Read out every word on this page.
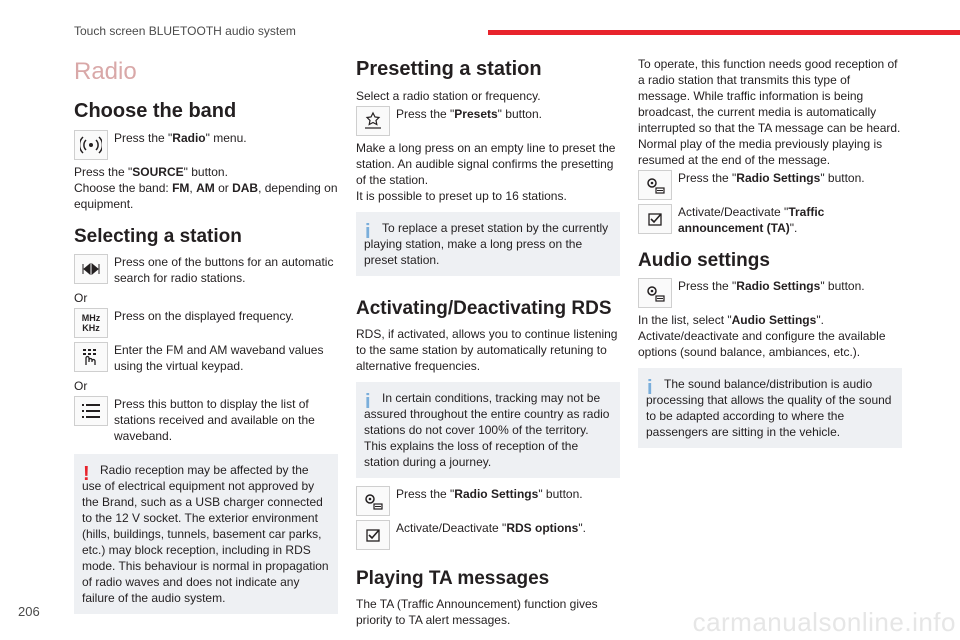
Touch screen BLUETOOTH audio system
Radio
Choose the band

Press the "Radio" menu.

Press the "SOURCE" button.

Choose the band: FM, AM or DAB, depending on equipment.

Selecting a station

Press one of the buttons for an automatic search for radio stations.

Or

MHz
KHz

Press on the displayed frequency.

Enter the FM and AM waveband values using the virtual keypad.

Or

Press this button to display the list of stations received and available on the waveband.

! Radio reception may be affected by the use of electrical equipment not approved by the Brand, such as a USB charger connected to the 12 V socket. The exterior environment (hills, buildings, tunnels, basement car parks, etc.) may block reception, including in RDS mode. This behaviour is normal in propagation of radio waves and does not indicate any failure of the audio system.

Presetting a station

Select a radio station or frequency.

Press the "Presets" button.

Make a long press on an empty line to preset the station. An audible signal confirms the presetting of the station.

It is possible to preset up to 16 stations.

i To replace a preset station by the currently playing station, make a long press on the preset station.

Activating/Deactivating RDS

RDS, if activated, allows you to continue listening to the same station by automatically retuning to alternative frequencies.

i In certain conditions, tracking may not be assured throughout the entire country as radio stations do not cover 100% of the territory. This explains the loss of reception of the station during a journey.

Press the "Radio Settings" button.

Activate/Deactivate "RDS options".

Playing TA messages

The TA (Traffic Announcement) function gives priority to TA alert messages.

To operate, this function needs good reception of a radio station that transmits this type of message. While traffic information is being broadcast, the current media is automatically interrupted so that the TA message can be heard. Normal play of the media previously playing is resumed at the end of the message.

Press the "Radio Settings" button.

Activate/Deactivate "Traffic announcement (TA)".

Audio settings

Press the "Radio Settings" button.

In the list, select "Audio Settings".

Activate/deactivate and configure the available options (sound balance, ambiances, etc.).

i The sound balance/distribution is audio processing that allows the quality of the sound to be adapted according to where the passengers are sitting in the vehicle.

206	carmanualsonline.info
